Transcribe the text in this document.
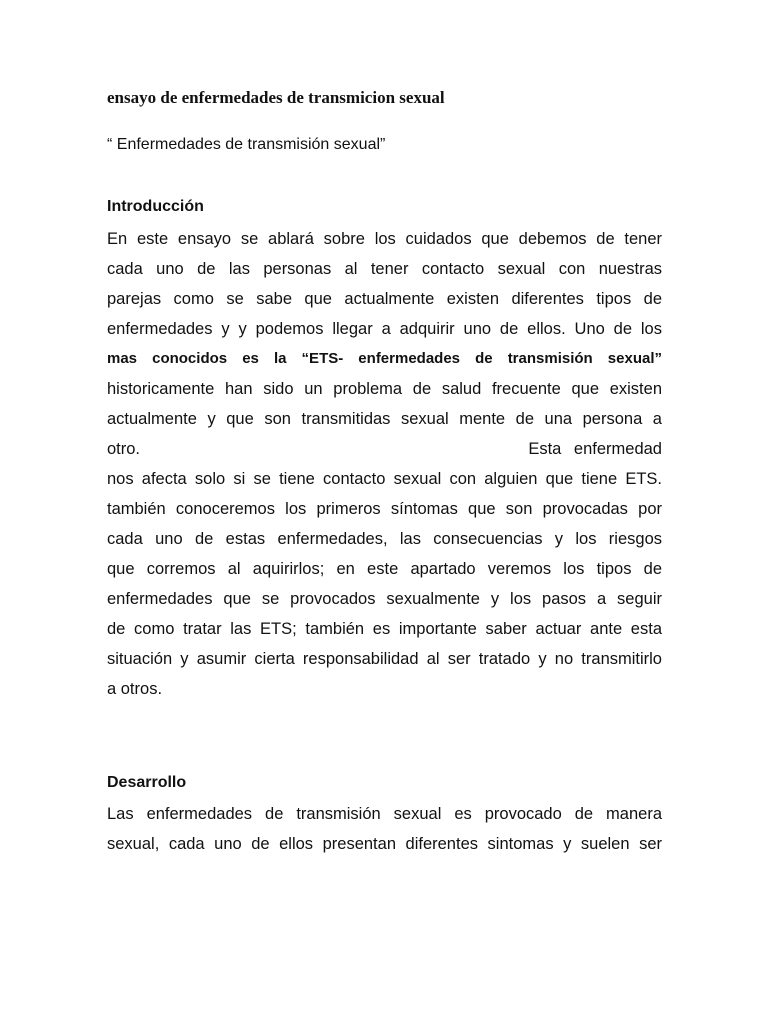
ensayo de enfermedades de transmicion sexual
“ Enfermedades de transmisión sexual”
Introducción
En este ensayo se ablará sobre los cuidados que debemos de tener
cada uno de las personas al tener contacto sexual con nuestras
parejas como se sabe que actualmente existen diferentes tipos de
enfermedades y y podemos llegar a adquirir uno de ellos. Uno de los
mas conocidos es la “ETS- enfermedades de transmisión sexual”
historicamente han sido un problema de salud frecuente que existen
actualmente y que son transmitidas sexual mente de una persona a
otro.	Esta enfermedad
nos afecta solo si se tiene contacto sexual con alguien que tiene ETS.
también conoceremos los primeros síntomas que son provocadas por
cada uno de estas enfermedades, las consecuencias y los riesgos
que corremos al aquirirlos; en este apartado veremos los tipos de
enfermedades que se provocados sexualmente y los pasos a seguir
de como tratar las ETS; también es importante saber actuar ante esta
situación y asumir cierta responsabilidad al ser tratado y no transmitirlo
a otros.
Desarrollo
Las enfermedades de transmisión sexual es provocado de manera
sexual, cada uno de ellos presentan diferentes sintomas y suelen ser
